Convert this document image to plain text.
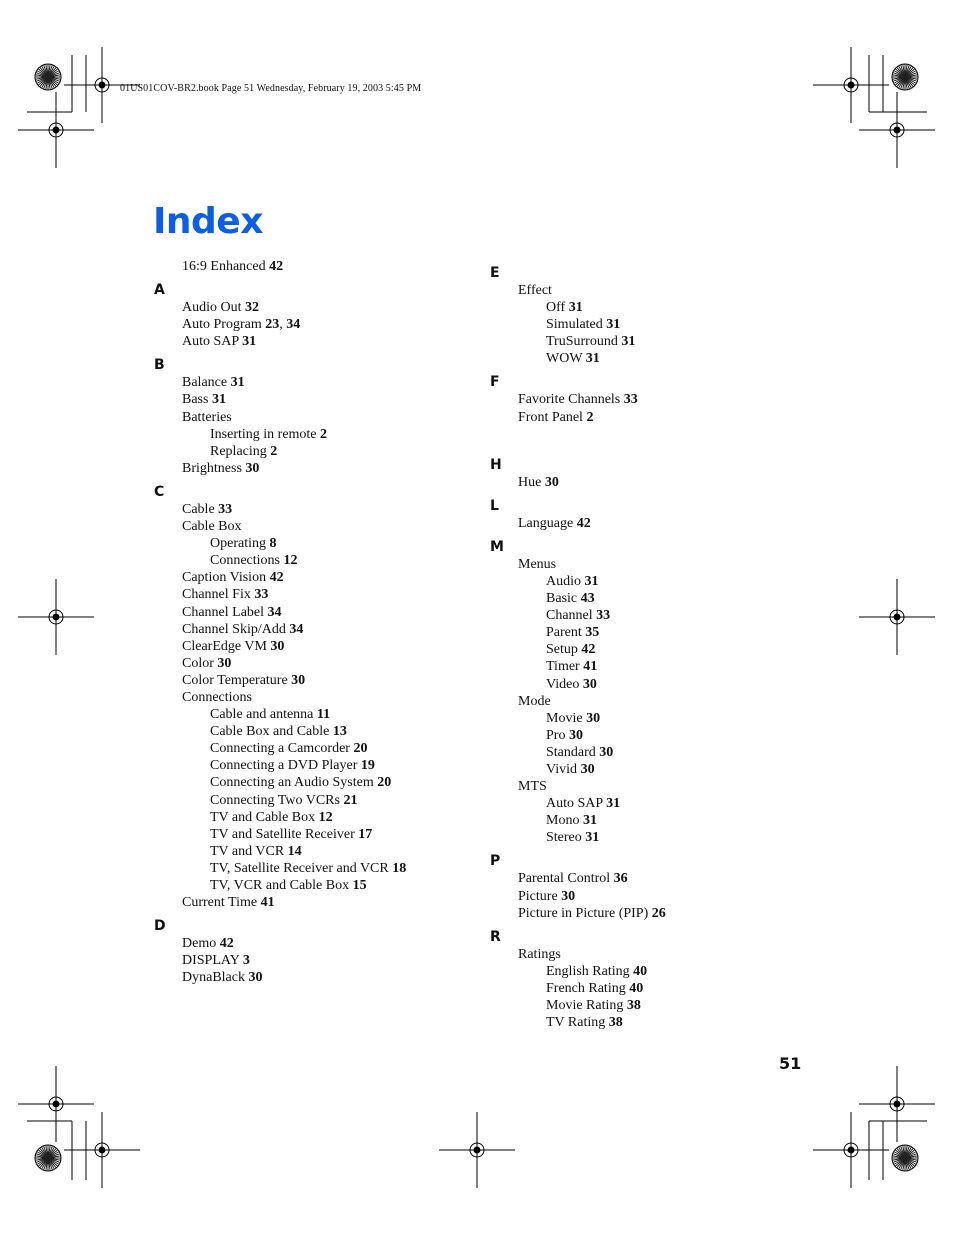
01US01COV-BR2.book Page 51 Wednesday, February 19, 2003 5:45 PM
Index
16:9 Enhanced 42
A
Audio Out 32
Auto Program 23, 34
Auto SAP 31
B
Balance 31
Bass 31
Batteries
Inserting in remote 2
Replacing 2
Brightness 30
C
Cable 33
Cable Box
Operating 8
Connections 12
Caption Vision 42
Channel Fix 33
Channel Label 34
Channel Skip/Add 34
ClearEdge VM 30
Color 30
Color Temperature 30
Connections
Cable and antenna 11
Cable Box and Cable 13
Connecting a Camcorder 20
Connecting a DVD Player 19
Connecting an Audio System 20
Connecting Two VCRs 21
TV and Cable Box 12
TV and Satellite Receiver 17
TV and VCR 14
TV, Satellite Receiver and VCR 18
TV, VCR and Cable Box 15
Current Time 41
D
Demo 42
DISPLAY 3
DynaBlack 30
E
Effect
Off 31
Simulated 31
TruSurround 31
WOW 31
F
Favorite Channels 33
Front Panel 2
H
Hue 30
L
Language 42
M
Menus
Audio 31
Basic 43
Channel 33
Parent 35
Setup 42
Timer 41
Video 30
Mode
Movie 30
Pro 30
Standard 30
Vivid 30
MTS
Auto SAP 31
Mono 31
Stereo 31
P
Parental Control 36
Picture 30
Picture in Picture (PIP) 26
R
Ratings
English Rating 40
French Rating 40
Movie Rating 38
TV Rating 38
51
